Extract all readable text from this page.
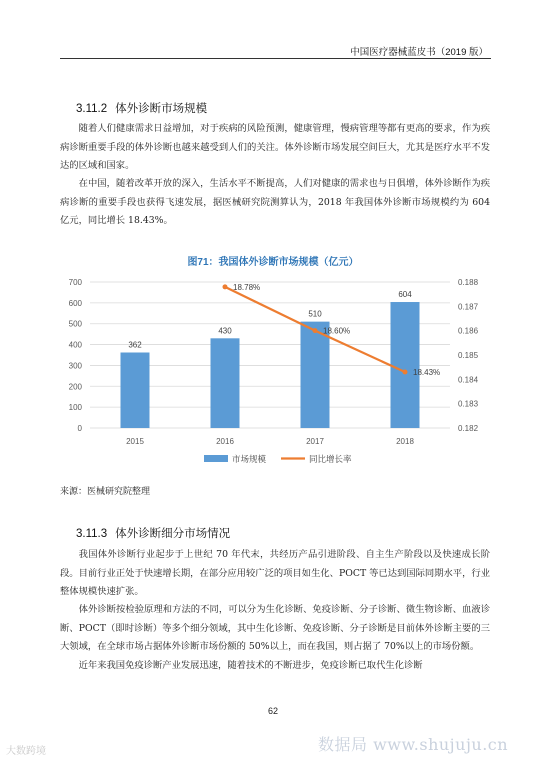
中国医疗器械蓝皮书（2019 版）
3.11.2 体外诊断市场规模

随着人们健康需求日益增加，对于疾病的风险预测，健康管理，慢病管理等都有更高的要求，作为疾病诊断重要手段的体外诊断也越来越受到人们的关注。体外诊断市场发展空间巨大，尤其是医疗水平不发达的区域和国家。

在中国，随着改革开放的深入，生活水平不断提高，人们对健康的需求也与日俱增，体外诊断作为疾病诊断的重要手段也获得飞速发展，据医械研究院测算认为，2018 年我国体外诊断市场规模约为 604 亿元，同比增长 18.43%。

图71：我国体外诊断市场规模（亿元）
0
100
200
300
400
500
600
700
0.182
0.183
0.184
0.185
0.186
0.187
0.188
362
2015
430
2016
510
2017
604
2018
18.78%
18.60%
18.43%
市场规模	同比增长率
来源：医械研究院整理
3.11.3 体外诊断细分市场情况

我国体外诊断行业起步于上世纪 70 年代末，共经历产品引进阶段、自主生产阶段以及快速成长阶段。目前行业正处于快速增长期，在部分应用较广泛的项目如生化、POCT 等已达到国际同期水平，行业整体规模快速扩张。

体外诊断按检验原理和方法的不同，可以分为生化诊断、免疫诊断、分子诊断、微生物诊断、血液诊断、POCT（即时诊断）等多个细分领域，其中生化诊断、免疫诊断、分子诊断是目前体外诊断主要的三大领域，在全球市场占据体外诊断市场份额的 50%以上，而在我国，则占据了 70%以上的市场份额。

近年来我国免疫诊断产业发展迅速，随着技术的不断进步，免疫诊断已取代生化诊断

62
大数跨境	数据局 www.shujuju.cn
